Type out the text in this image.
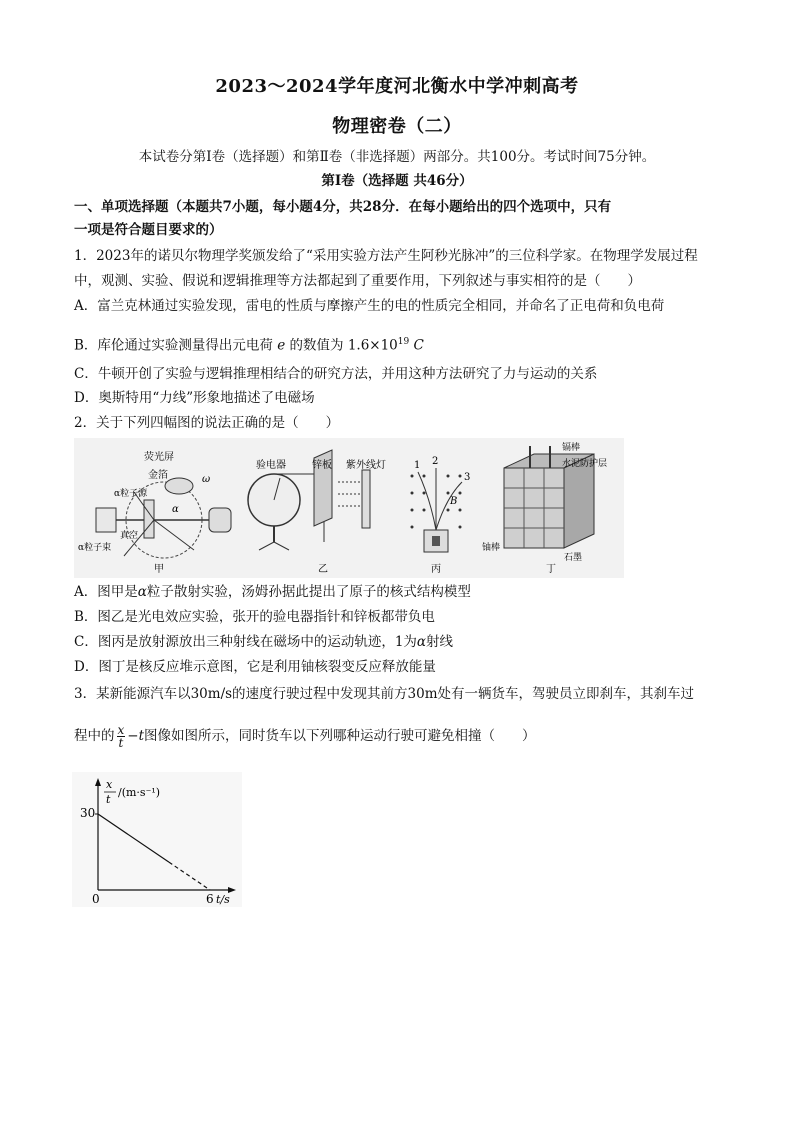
2023～2024学年度河北衡水中学冲刺高考
物理密卷（二）
本试卷分第Ⅰ卷（选择题）和第Ⅱ卷（非选择题）两部分。共100分。考试时间75分钟。
第Ⅰ卷（选择题 共46分）
一、单项选择题（本题共7小题，每小题4分，共28分．在每小题给出的四个选项中，只有
一项是符合题目要求的）
1．2023年的诺贝尔物理学奖颁发给了“采用实验方法产生阿秒光脉冲”的三位科学家。在物理学发展过程
中，观测、实验、假说和逻辑推理等方法都起到了重要作用，下列叙述与事实相符的是（　　）
A．富兰克林通过实验发现，雷电的性质与摩擦产生的电的性质完全相同，并命名了正电荷和负电荷
B．库伦通过实验测量得出元电荷 e 的数值为 $1.6\times 10^{19}$ C
C．牛顿开创了实验与逻辑推理相结合的研究方法，并用这种方法研究了力与运动的关系
D．奥斯特用“力线”形象地描述了电磁场
2．关于下列四幅图的说法正确的是（　　）
荧光屏
金箔
α粒子源
真空
α粒子束
α
ω
甲
验电器	锌板 紫外线灯
乙
1 2
3
B
丙
镉棒
水泥防护层
铀棒
石墨
丁
A．图甲是α粒子散射实验，汤姆孙据此提出了原子的核式结构模型
B．图乙是光电效应实验，张开的验电器指针和锌板都带负电
C．图丙是放射源放出三种射线在磁场中的运动轨迹，1为α射线
D．图丁是核反应堆示意图，它是利用铀核裂变反应释放能量
3．某新能源汽车以30m/s的速度行驶过程中发现其前方30m处有一辆货车，驾驶员立即刹车，其刹车过
程中的 $\frac{x}{t} -t$图像如图所示，同时货车以下列哪种运动行驶可避免相撞（　　）
x
t
/(m·s⁻¹)
30
0	6 t/s
